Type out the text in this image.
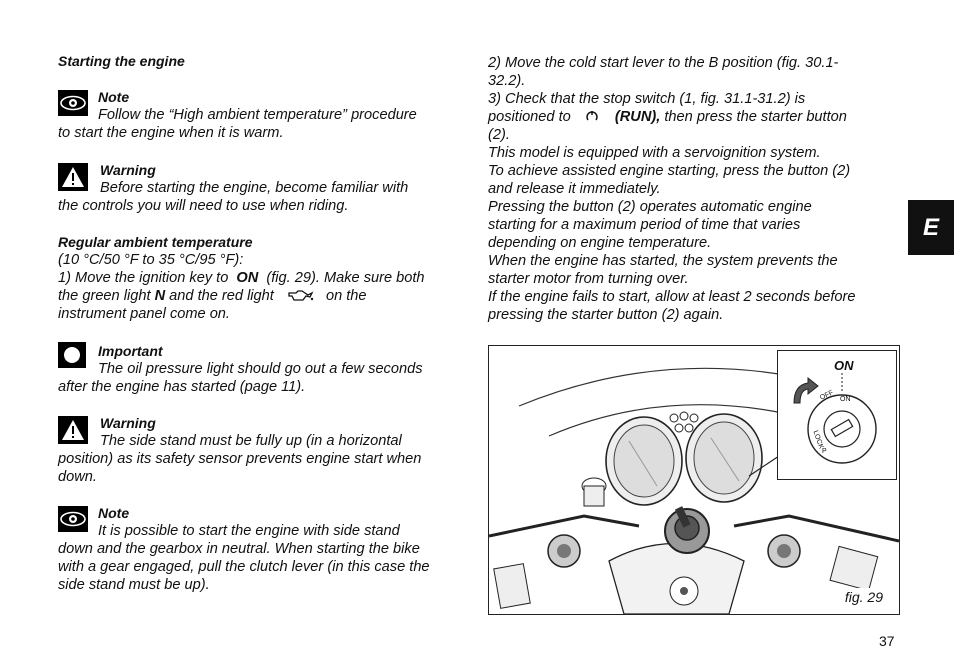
Starting the engine

Note
Follow the “High ambient temperature” procedure
to start the engine when it is warm.
Warning
Before starting the engine, become familiar with
the controls you will need to use when riding.
Regular ambient temperature
(10 °C/50 °F to 35 °C/95 °F):
1) Move the ignition key to ON (fig. 29). Make sure both
the green light N and the red light	on the
instrument panel come on.
Important
The oil pressure light should go out a few seconds
after the engine has started (page 11).
Warning
The side stand must be fully up (in a horizontal
position) as its safety sensor prevents engine start when
down.
Note
It is possible to start the engine with side stand
down and the gearbox in neutral. When starting the bike
with a gear engaged, pull the clutch lever (in this case the
side stand must be up).
2) Move the cold start lever to the B position (fig. 30.1-
32.2).
3) Check that the stop switch (1, fig. 31.1-31.2) is
positioned to	(RUN), then press the starter button
(2).
This model is equipped with a servoignition system.
To achieve assisted engine starting, press the button (2)
and release it immediately.
Pressing the button (2) operates automatic engine
starting for a maximum period of time that varies
depending on engine temperature.
When the engine has started, the system prevents the
starter motor from turning over.
If the engine fails to start, allow at least 2 seconds before
pressing the starter button (2) again.
ON
OFF ON
LOCK
P
fig. 29
E
37
